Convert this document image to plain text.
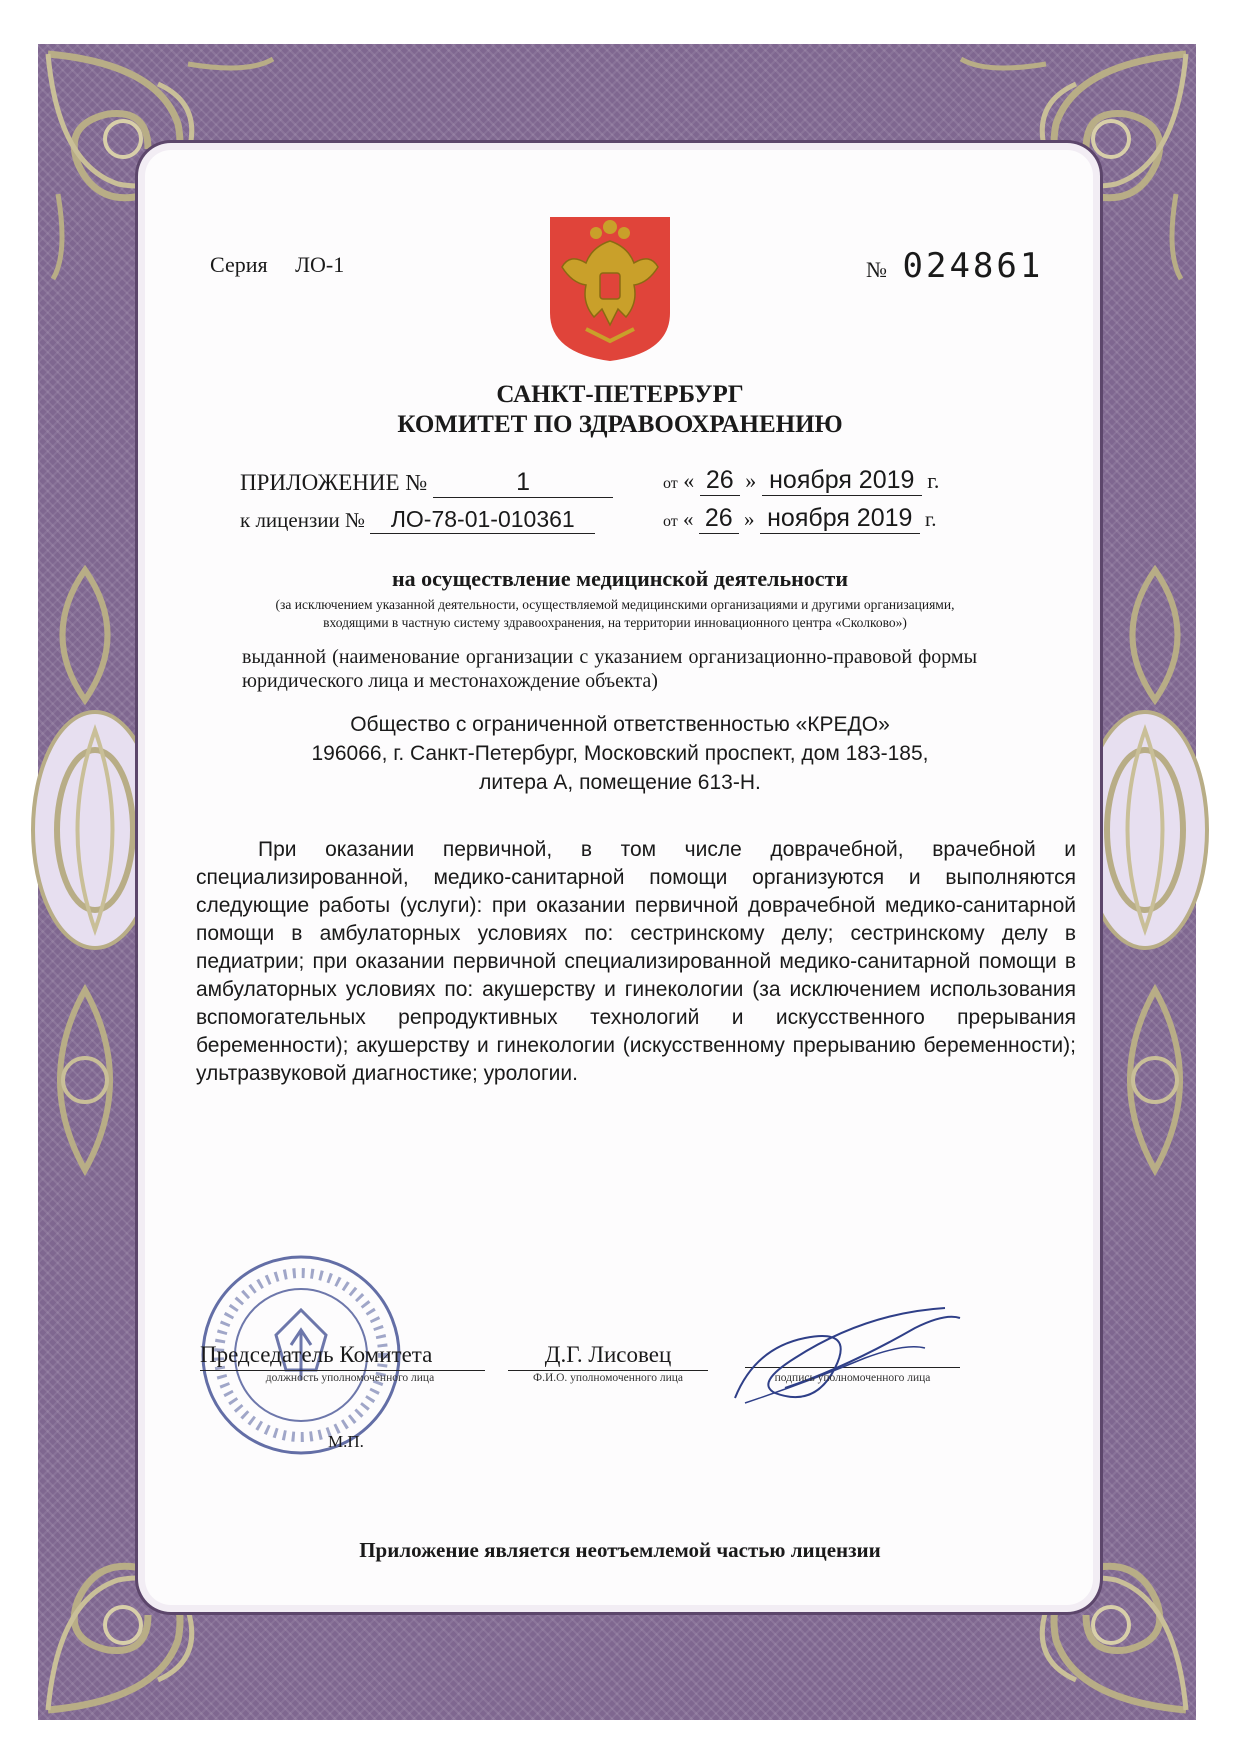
Серия ЛО-1	№ 024861
САНКТ-ПЕТЕРБУРГ
КОМИТЕТ ПО ЗДРАВООХРАНЕНИЮ
ПРИЛОЖЕНИЕ №	1	от « 26 » ноября 2019 г.
к лицензии № ЛО-78-01-010361	от « 26 » ноября 2019 г.
на осуществление медицинской деятельности
(за исключением указанной деятельности, осуществляемой медицинскими организациями и другими организациями, входящими в частную систему здравоохранения, на территории инновационного центра «Сколково»)
выданной (наименование организации с указанием организационно-правовой формы юридического лица и местонахождение объекта)
Общество с ограниченной ответственностью «КРЕДО»
196066, г. Санкт-Петербург, Московский проспект, дом 183-185,
литера А, помещение 613-Н.
При оказании первичной, в том числе доврачебной, врачебной и специализированной, медико-санитарной помощи организуются и выполняются следующие работы (услуги): при оказании первичной доврачебной медико-санитарной помощи в амбулаторных условиях по: сестринскому делу; сестринскому делу в педиатрии; при оказании первичной специализированной медико-санитарной помощи в амбулаторных условиях по: акушерству и гинекологии (за исключением использования вспомогательных репродуктивных технологий и искусственного прерывания беременности); акушерству и гинекологии (искусственному прерыванию беременности); ультразвуковой диагностике; урологии.
Председатель Комитета	Д.Г. Лисовец
должность уполномоченного лица	Ф.И.О. уполномоченного лица	подпись уполномоченного лица
М.П.
Приложение является неотъемлемой частью лицензии
